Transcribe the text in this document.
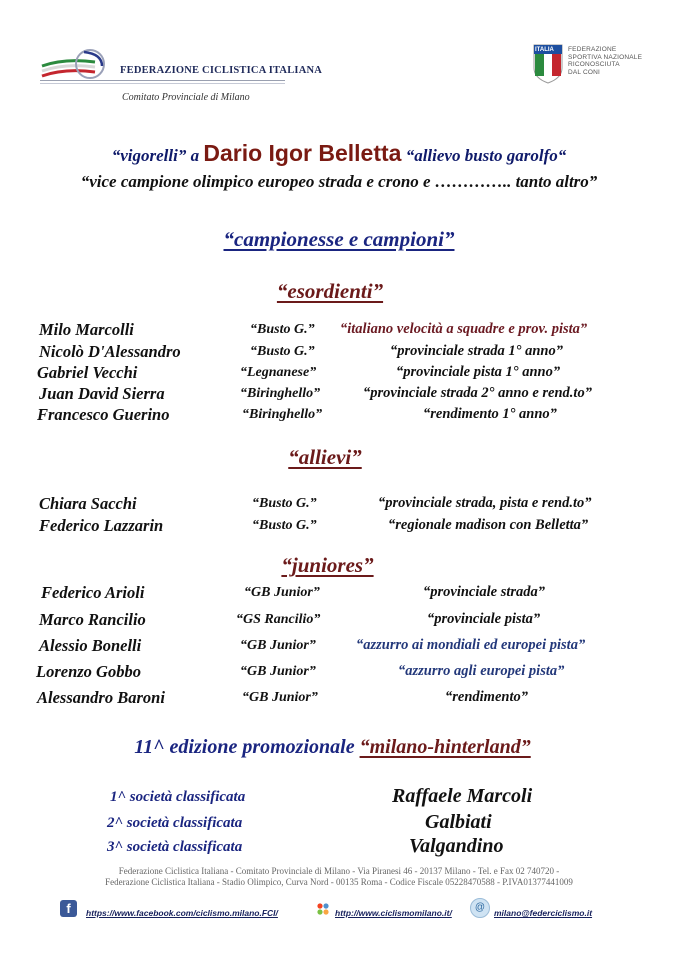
FEDERAZIONE CICLISTICA ITALIANA
Comitato Provinciale di Milano
FEDERAZIONE
SPORTIVA NAZIONALE
RICONOSCIUTA
DAL CONI
ITALIA
“vigorelli” a Dario Igor Belletta “allievo busto garolfo“
“vice campione olimpico europeo strada e crono e ………….. tanto altro”
“campionesse e campioni”
“esordienti”
Milo Marcolli	“Busto G.” “italiano velocità a squadre e prov. pista”
Nicolò D'Alessandro	“Busto G.”	“provinciale strada 1° anno”
Gabriel Vecchi	“Legnanese”	“provinciale pista 1° anno”
Juan David Sierra	“Biringhello”	“provinciale strada 2° anno e rend.to”
Francesco Guerino	“Biringhello”	“rendimento 1° anno”
“allievi”
Chiara Sacchi	“Busto G.”	“provinciale strada, pista e rend.to”
Federico Lazzarin	“Busto G.”	“regionale madison con Belletta”
“juniores”
Federico Arioli	“GB Junior”	“provinciale strada”
Marco Rancilio	“GS Rancilio”	“provinciale pista”
Alessio Bonelli	“GB Junior”	“azzurro ai mondiali ed europei pista”
Lorenzo Gobbo	“GB Junior”	“azzurro agli europei pista”
Alessandro Baroni	“GB Junior”	“rendimento”
11^ edizione promozionale “milano-hinterland”
1^ società classificata	Raffaele Marcoli
2^ società classificata	Galbiati
3^ società classificata	Valgandino
Federazione Ciclistica Italiana - Comitato Provinciale di Milano - Via Piranesi 46 - 20137 Milano - Tel. e Fax 02 740720 -
Federazione Ciclistica Italiana - Stadio Olimpico, Curva Nord - 00135 Roma - Codice Fiscale 05228470588 - P.IVA01377441009
f	https://www.facebook.com/ciclismo.milano.FCI/	http://www.ciclismomilano.it/	@	milano@federciclismo.it
